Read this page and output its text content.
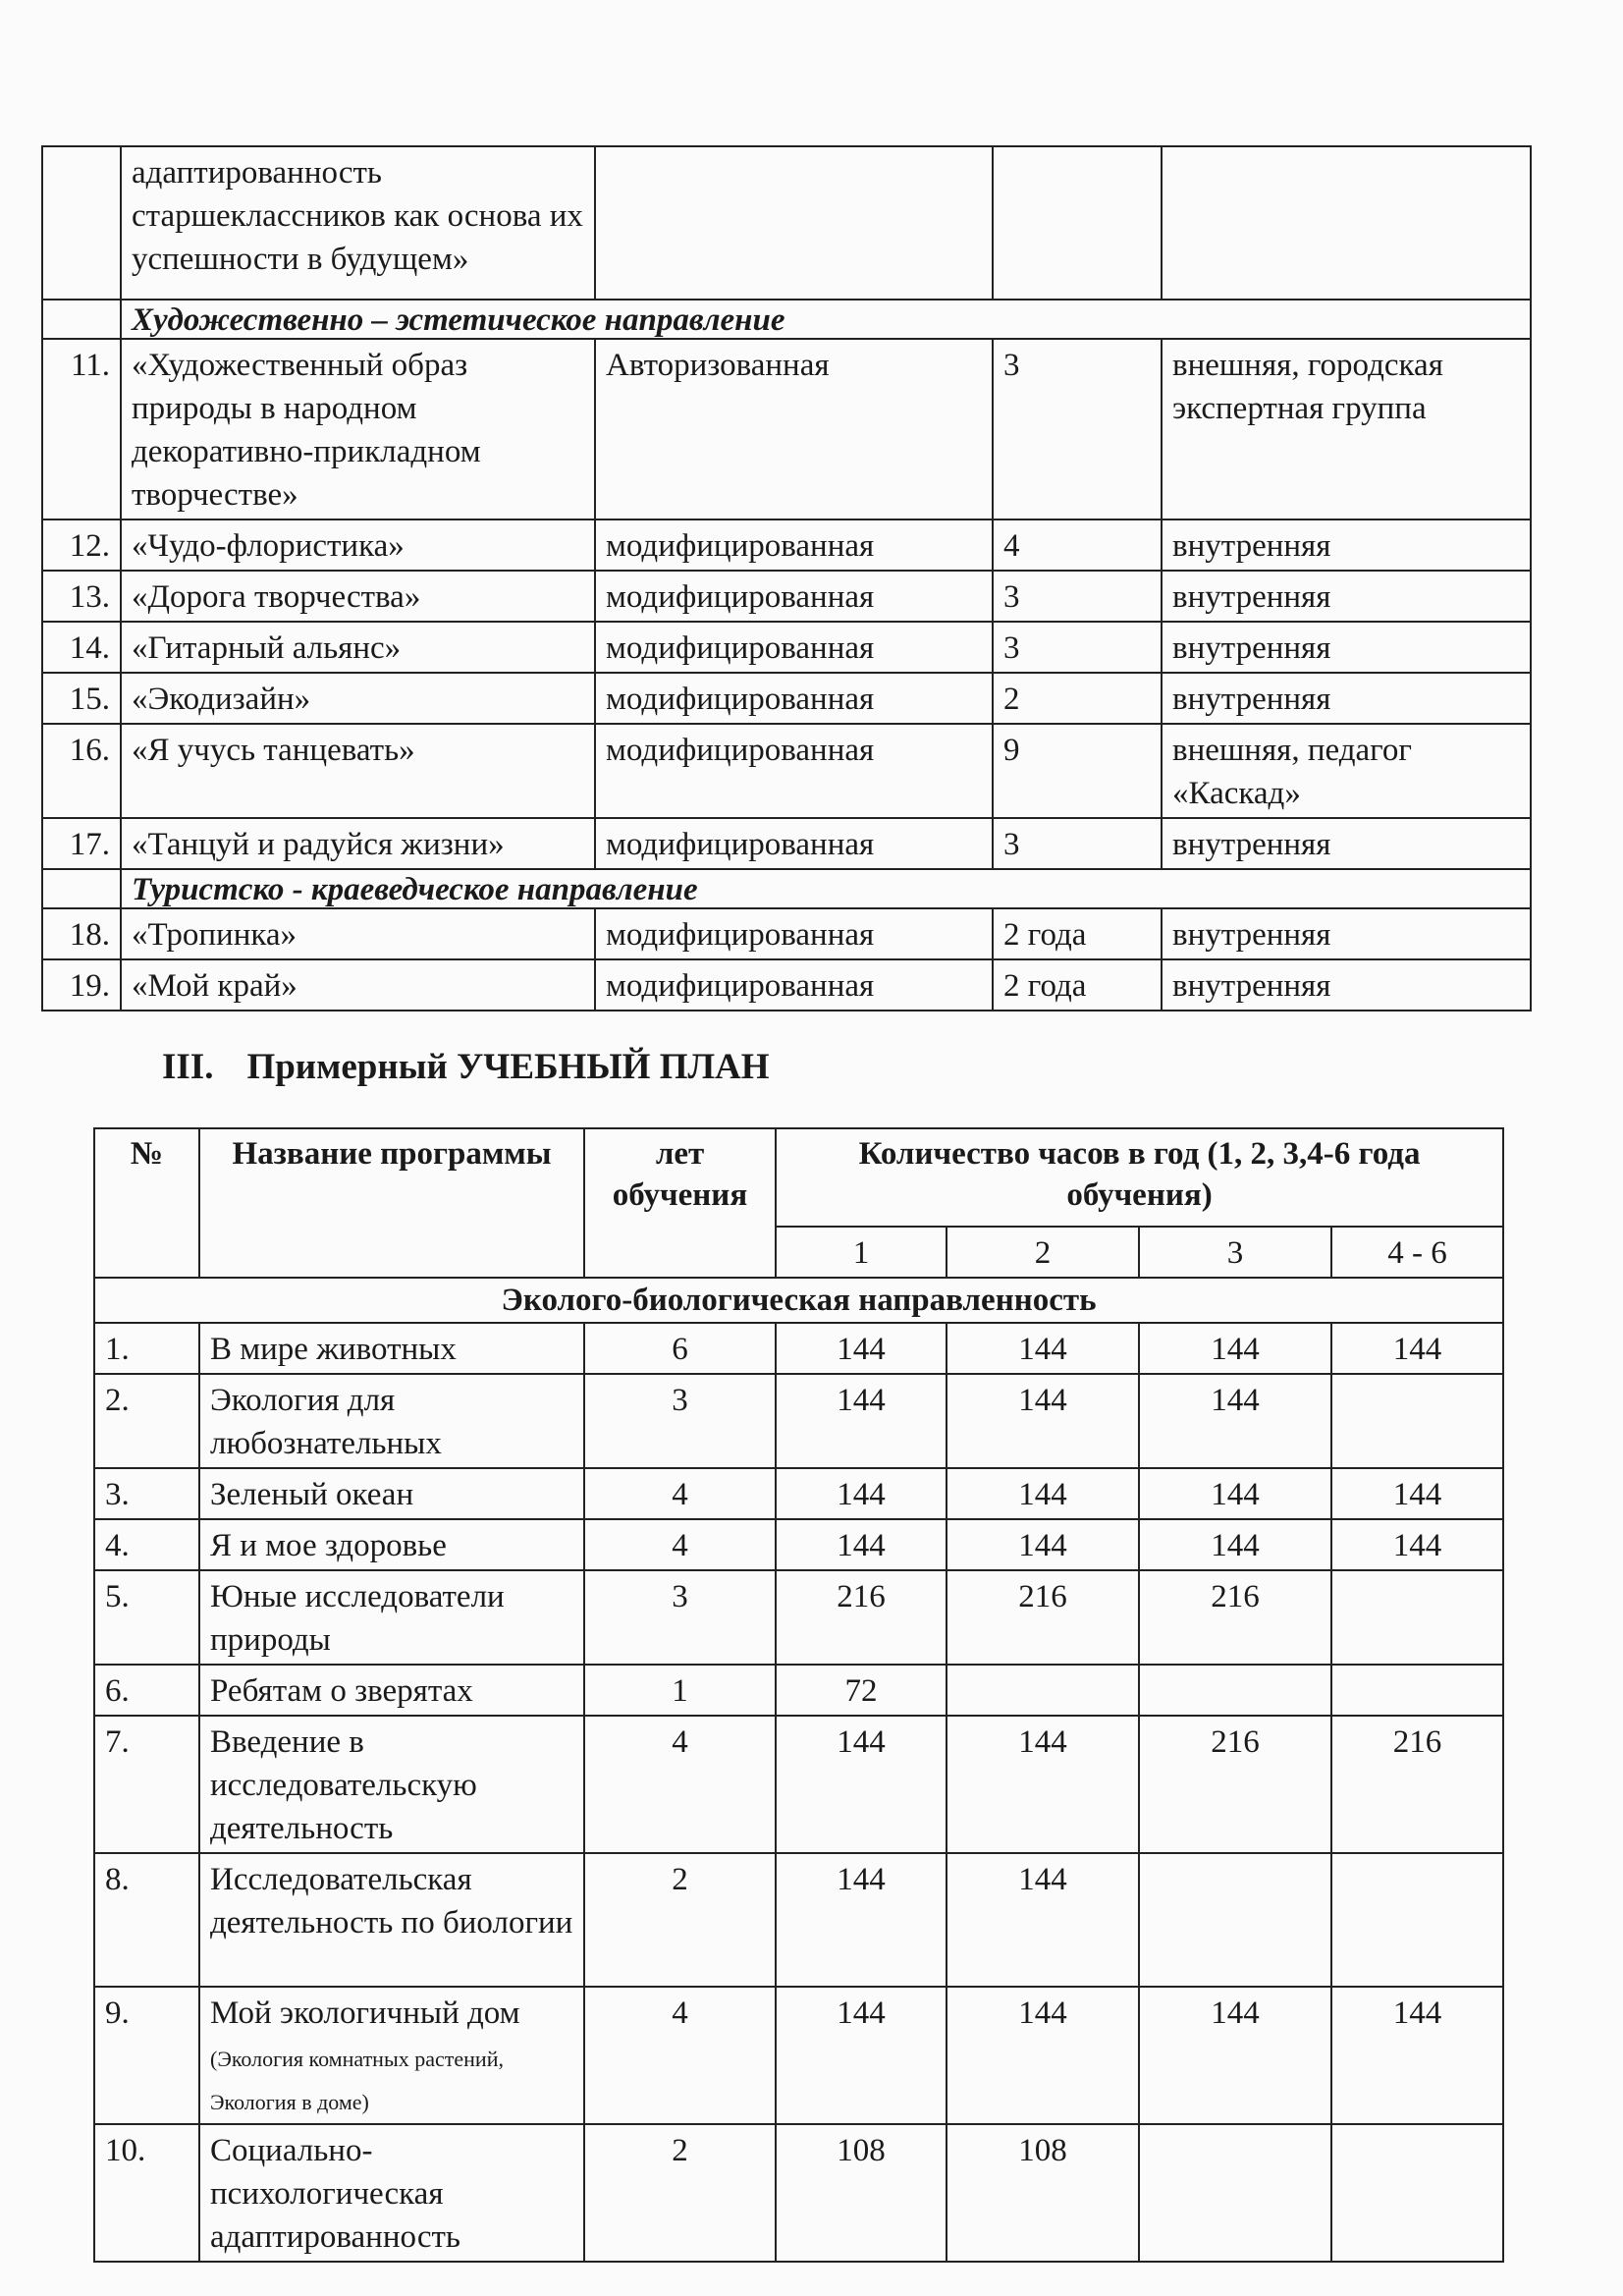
	адаптированность старшеклассников как основа их успешности в будущем»			
	Художественно – эстетическое направление			
11.	«Художественный образ природы в народном декоративно-прикладном творчестве»	Авторизованная	3	внешняя, городская экспертная группа
12.	«Чудо-флористика»	модифицированная	4	внутренняя
13.	«Дорога творчества»	модифицированная	3	внутренняя
14.	«Гитарный альянс»	модифицированная	3	внутренняя
15.	«Экодизайн»	модифицированная	2	внутренняя
16.	«Я учусь танцевать»	модифицированная	9	внешняя, педагог «Каскад»
17.	«Танцуй и радуйся жизни»	модифицированная	3	внутренняя
	Туристско - краеведческое направление			
18.	«Тропинка»	модифицированная	2 года	внутренняя
19.	«Мой край»	модифицированная	2 года	внутренняя
III. Примерный УЧЕБНЫЙ ПЛАН
№	Название программы	лет обучения	Количество часов в год (1, 2, 3,4-6 года обучения)			
			1	2	3	4 - 6
Эколого-биологическая направленность						
1.	В мире животных	6	144	144	144	144
2.	Экология для любознательных	3	144	144	144	
3.	Зеленый океан	4	144	144	144	144
4.	Я и мое здоровье	4	144	144	144	144
5.	Юные исследователи природы	3	216	216	216	
6.	Ребятам о зверятах	1	72			
7.	Введение в исследовательскую деятельность	4	144	144	216	216
8.	Исследовательская деятельность по биологии	2	144	144		
9.	Мой экологичный дом (Экология комнатных растений, Экология в доме)	4	144	144	144	144
10.	Социально-психологическая адаптированность	2	108	108		
